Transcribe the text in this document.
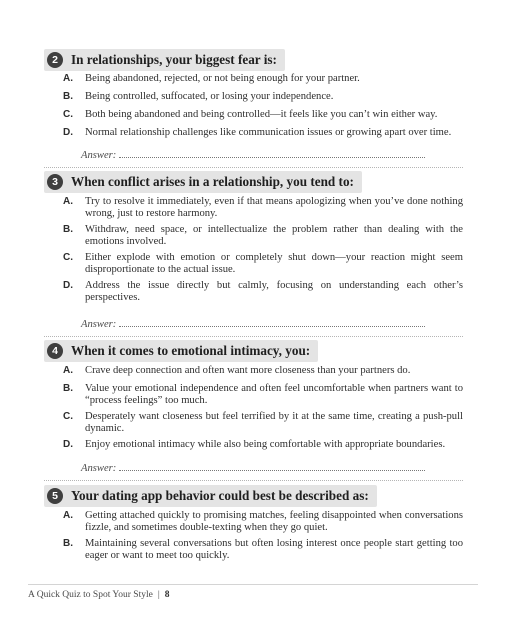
2 In relationships, your biggest fear is:
A. Being abandoned, rejected, or not being enough for your partner.
B. Being controlled, suffocated, or losing your independence.
C. Both being abandoned and being controlled—it feels like you can’t win either way.
D. Normal relationship challenges like communication issues or growing apart over time.
Answer:
3 When conflict arises in a relationship, you tend to:
A. Try to resolve it immediately, even if that means apologizing when you’ve done nothing wrong, just to restore harmony.
B. Withdraw, need space, or intellectualize the problem rather than dealing with the emotions involved.
C. Either explode with emotion or completely shut down—your reaction might seem disproportionate to the actual issue.
D. Address the issue directly but calmly, focusing on understanding each other’s perspectives.
Answer:
4 When it comes to emotional intimacy, you:
A. Crave deep connection and often want more closeness than your partners do.
B. Value your emotional independence and often feel uncomfortable when partners want to “process feelings” too much.
C. Desperately want closeness but feel terrified by it at the same time, creating a push-pull dynamic.
D. Enjoy emotional intimacy while also being comfortable with appropriate boundaries.
Answer:
5 Your dating app behavior could best be described as:
A. Getting attached quickly to promising matches, feeling disappointed when conversations fizzle, and sometimes double-texting when they go quiet.
B. Maintaining several conversations but often losing interest once people start getting too eager or want to meet too quickly.
A Quick Quiz to Spot Your Style | 8
